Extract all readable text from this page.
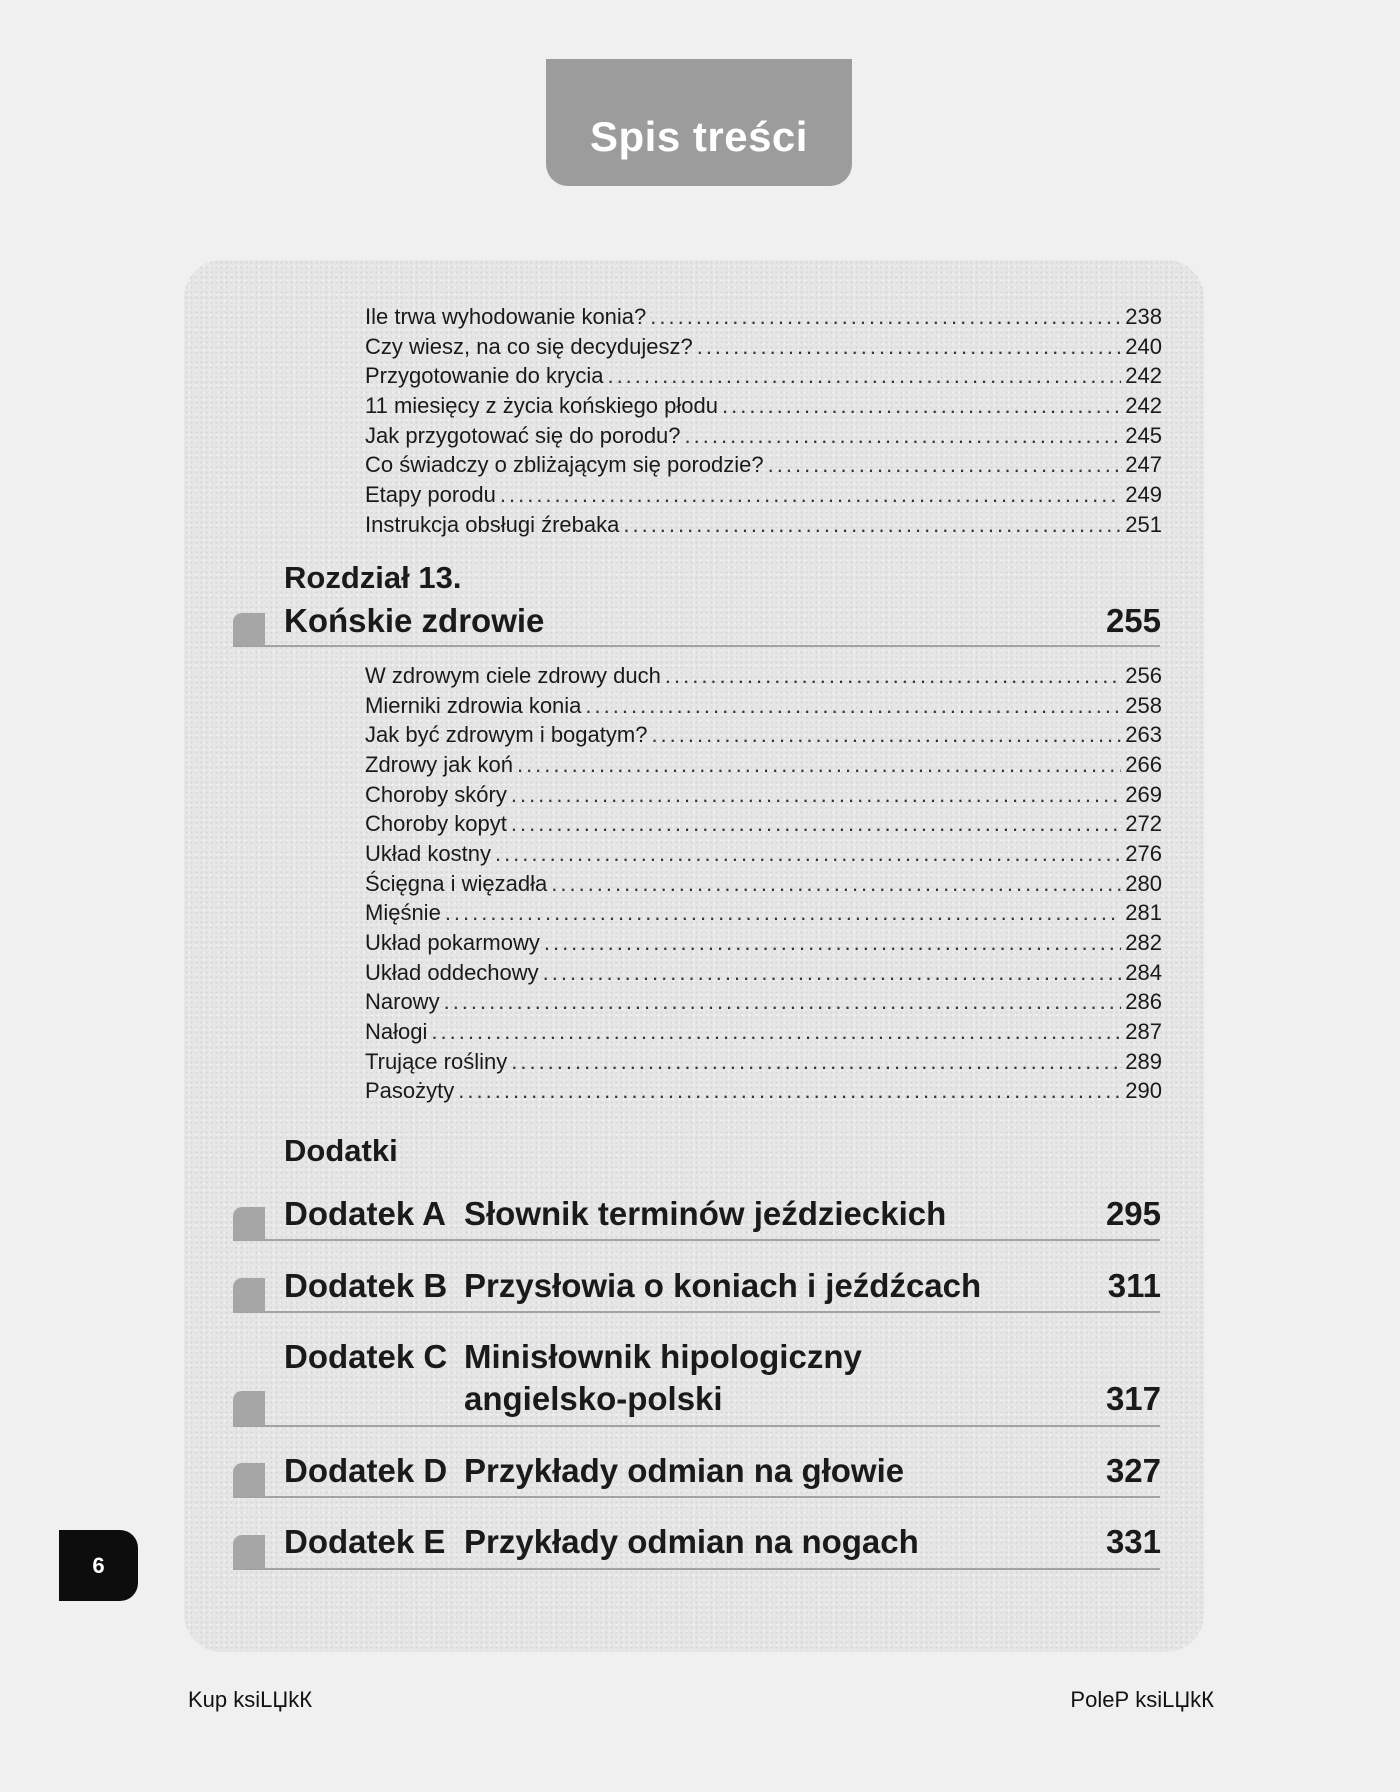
Spis treści
Ile trwa wyhodowanie konia? .....	238
Czy wiesz, na co się decydujesz? .....	240
Przygotowanie do krycia .....	242
11 miesięcy z życia końskiego płodu .....	242
Jak przygotować się do porodu? .....	245
Co świadczy o zbliżającym się porodzie? .....	247
Etapy porodu .....	249
Instrukcja obsługi źrebaka .....	251
Rozdział 13.
Końskie zdrowie	255
W zdrowym ciele zdrowy duch .....	256
Mierniki zdrowia konia .....	258
Jak być zdrowym i bogatym? .....	263
Zdrowy jak koń .....	266
Choroby skóry .....	269
Choroby kopyt .....	272
Układ kostny .....	276
Ścięgna i więzadła .....	280
Mięśnie .....	281
Układ pokarmowy .....	282
Układ oddechowy .....	284
Narowy .....	286
Nałogi .....	287
Trujące rośliny .....	289
Pasożyty .....	290
Dodatki
Dodatek A Słownik terminów jeździeckich	295
Dodatek B Przysłowia o koniach i jeźdźcach	311
Dodatek C Minisłownik hipologiczny
angielsko-polski	317
Dodatek D Przykłady odmian na głowie	327
Dodatek E Przykłady odmian na nogach	331
6
Kup ksiLЏkК	PoleР ksiLЏkК
